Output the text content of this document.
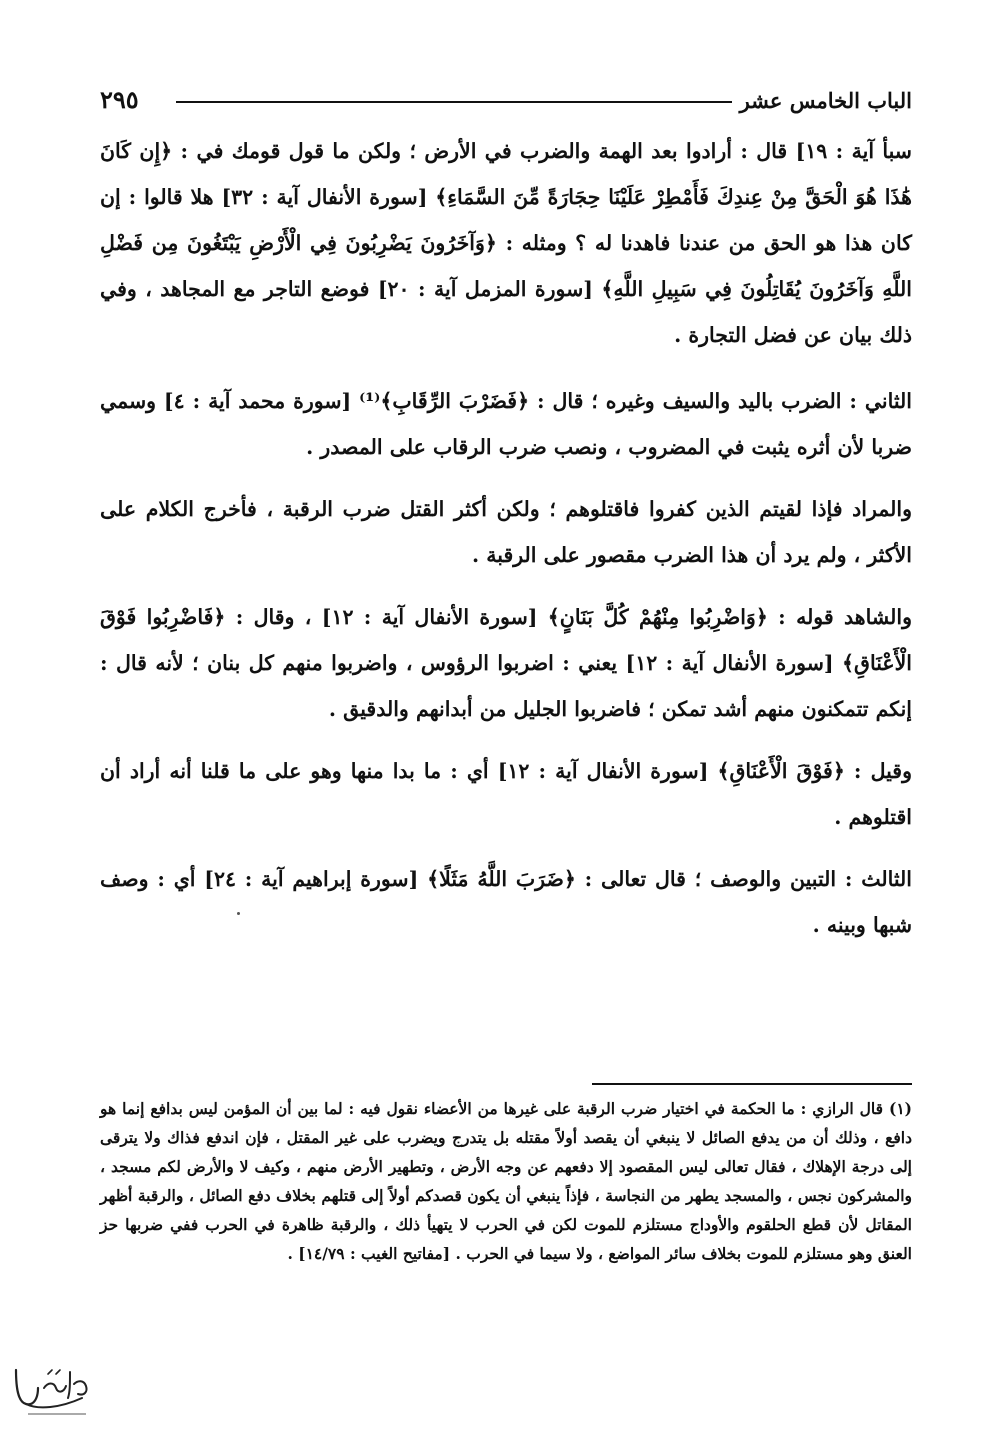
الباب الخامس عشر
٢٩٥

سبأ آية : ١٩] قال : أرادوا بعد الهمة والضرب في الأرض ؛ ولكن ما قول قومك في : ﴿إِن كَانَ هَٰذَا هُوَ الْحَقَّ مِنْ عِندِكَ فَأَمْطِرْ عَلَيْنَا حِجَارَةً مِّنَ السَّمَاءِ﴾ [سورة الأنفال آية : ٣٢] هلا قالوا : إن كان هذا هو الحق من عندنا فاهدنا له ؟ ومثله : ﴿وَآخَرُونَ يَضْرِبُونَ فِي الْأَرْضِ يَبْتَغُونَ مِن فَضْلِ اللَّهِ وَآخَرُونَ يُقَاتِلُونَ فِي سَبِيلِ اللَّهِ﴾ [سورة المزمل آية : ٢٠] فوضع التاجر مع المجاهد ، وفي ذلك بيان عن فضل التجارة .

الثاني : الضرب باليد والسيف وغيره ؛ قال : ﴿فَضَرْبَ الرِّقَابِ﴾⁽¹⁾ [سورة محمد آية : ٤] وسمي ضربا لأن أثره يثبت في المضروب ، ونصب ضرب الرقاب على المصدر .

والمراد فإذا لقيتم الذين كفروا فاقتلوهم ؛ ولكن أكثر القتل ضرب الرقبة ، فأخرج الكلام على الأكثر ، ولم يرد أن هذا الضرب مقصور على الرقبة .

والشاهد قوله : ﴿وَاضْرِبُوا مِنْهُمْ كُلَّ بَنَانٍ﴾ [سورة الأنفال آية : ١٢] ، وقال : ﴿فَاضْرِبُوا فَوْقَ الْأَعْنَاقِ﴾ [سورة الأنفال آية : ١٢] يعني : اضربوا الرؤوس ، واضربوا منهم كل بنان ؛ لأنه قال : إنكم تتمكنون منهم أشد تمكن ؛ فاضربوا الجليل من أبدانهم والدقيق .

وقيل : ﴿فَوْقَ الْأَعْنَاقِ﴾ [سورة الأنفال آية : ١٢] أي : ما بدا منها وهو على ما قلنا أنه أراد أن اقتلوهم .

الثالث : التبين والوصف ؛ قال تعالى : ﴿ضَرَبَ اللَّهُ مَثَلًا﴾ [سورة إبراهيم آية : ٢٤] أي : وصف شبها وبينه .

(١) قال الرازي : ما الحكمة في اختيار ضرب الرقبة على غيرها من الأعضاء نقول فيه : لما بين أن المؤمن ليس بدافع إنما هو دافع ، وذلك أن من يدفع الصائل لا ينبغي أن يقصد أولاً مقتله بل يتدرج ويضرب على غير المقتل ، فإن اندفع فذاك ولا يترقى إلى درجة الإهلاك ، فقال تعالى ليس المقصود إلا دفعهم عن وجه الأرض ، وتطهير الأرض منهم ، وكيف لا والأرض لكم مسجد ، والمشركون نجس ، والمسجد يطهر من النجاسة ، فإذاً ينبغي أن يكون قصدكم أولاً إلى قتلهم بخلاف دفع الصائل ، والرقبة أظهر المقاتل لأن قطع الحلقوم والأوداج مستلزم للموت لكن في الحرب لا يتهيأ ذلك ، والرقبة ظاهرة في الحرب ففي ضربها حز العنق وهو مستلزم للموت بخلاف سائر المواضع ، ولا سيما في الحرب . [مفاتيح الغيب : ١٤/٧٩] .
